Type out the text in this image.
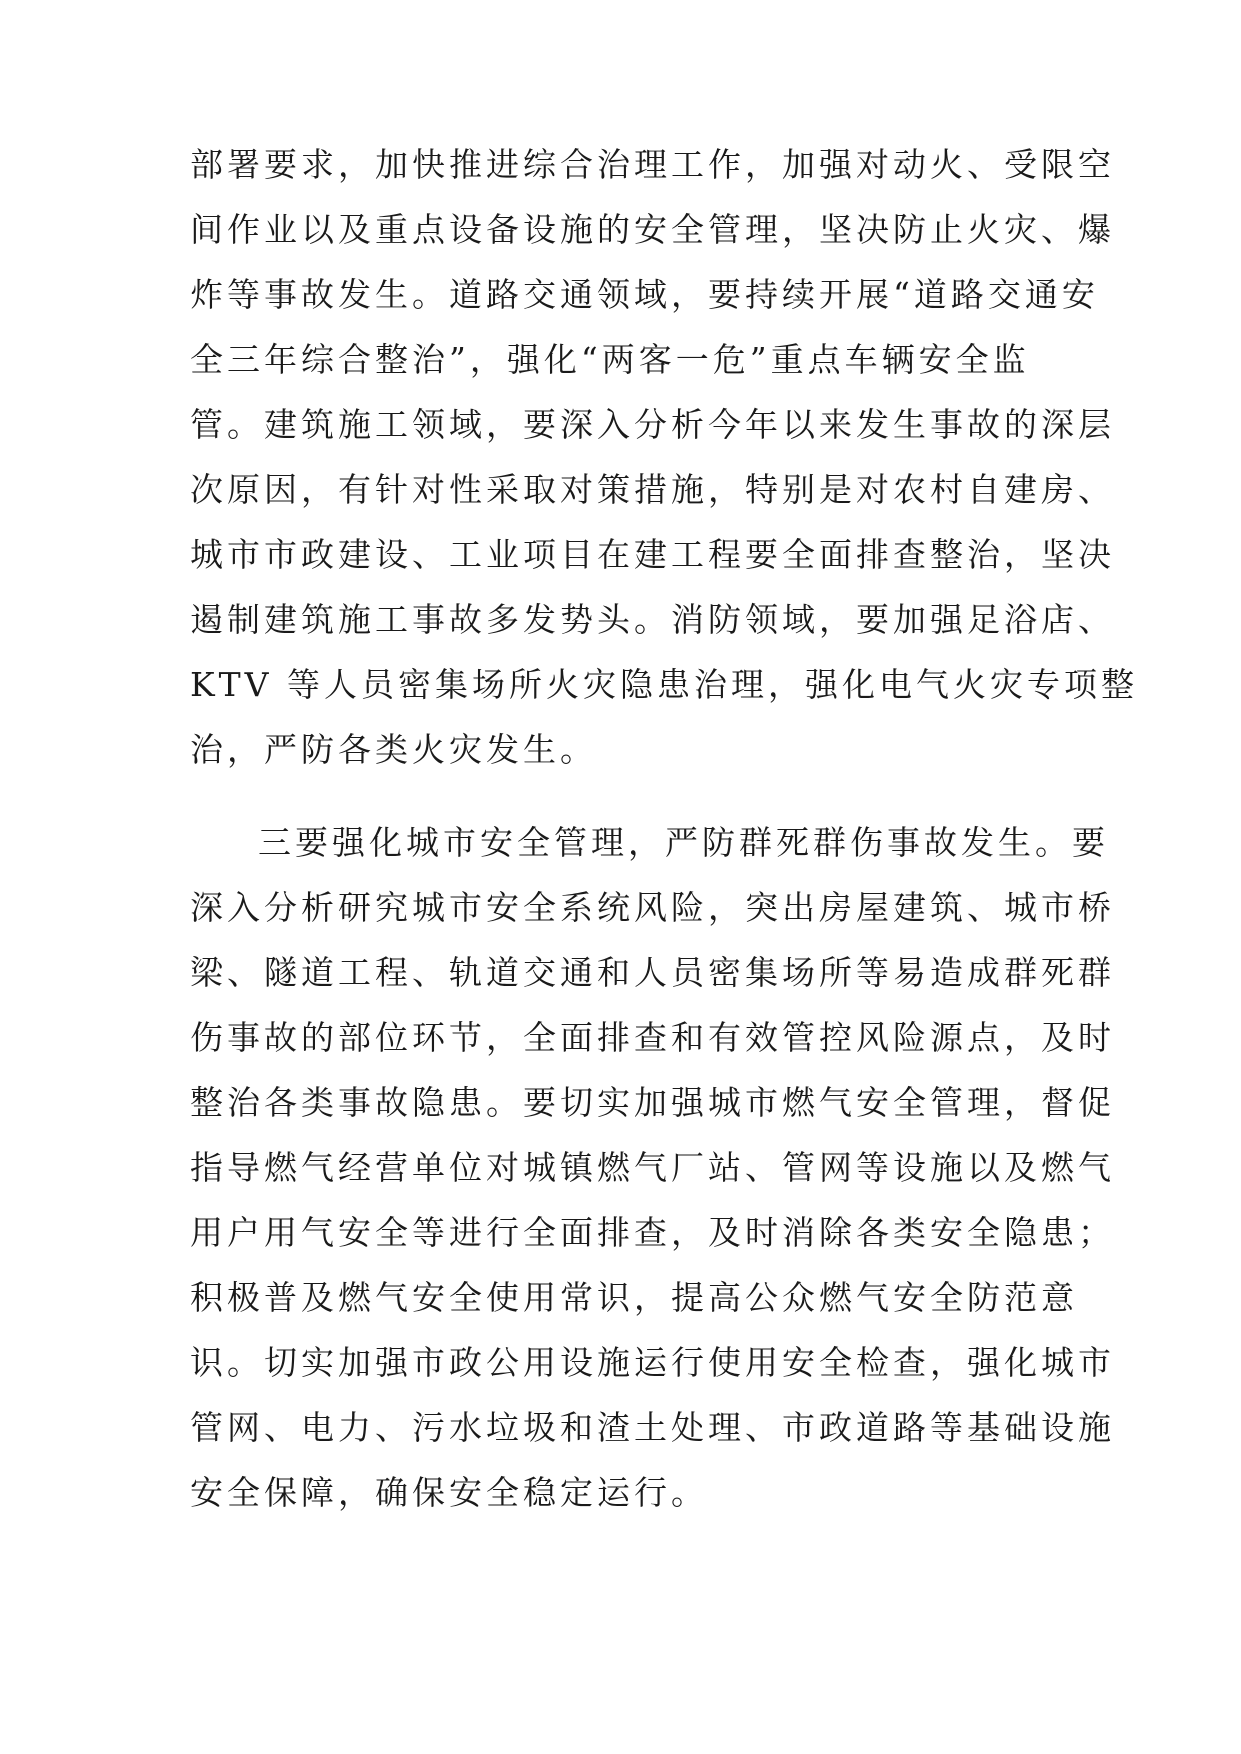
部署要求，加快推进综合治理工作，加强对动火、受限空
间作业以及重点设备设施的安全管理，坚决防止火灾、爆
炸等事故发生。道路交通领域，要持续开展“道路交通安
全三年综合整治”，强化“两客一危”重点车辆安全监
管。建筑施工领域，要深入分析今年以来发生事故的深层
次原因，有针对性采取对策措施，特别是对农村自建房、
城市市政建设、工业项目在建工程要全面排查整治，坚决
遏制建筑施工事故多发势头。消防领域，要加强足浴店、
KTV 等人员密集场所火灾隐患治理，强化电气火灾专项整
治，严防各类火灾发生。
三要强化城市安全管理，严防群死群伤事故发生。要
深入分析研究城市安全系统风险，突出房屋建筑、城市桥
梁、隧道工程、轨道交通和人员密集场所等易造成群死群
伤事故的部位环节，全面排查和有效管控风险源点，及时
整治各类事故隐患。要切实加强城市燃气安全管理，督促
指导燃气经营单位对城镇燃气厂站、管网等设施以及燃气
用户用气安全等进行全面排查，及时消除各类安全隐患；
积极普及燃气安全使用常识，提高公众燃气安全防范意
识。切实加强市政公用设施运行使用安全检查，强化城市
管网、电力、污水垃圾和渣土处理、市政道路等基础设施
安全保障，确保安全稳定运行。
